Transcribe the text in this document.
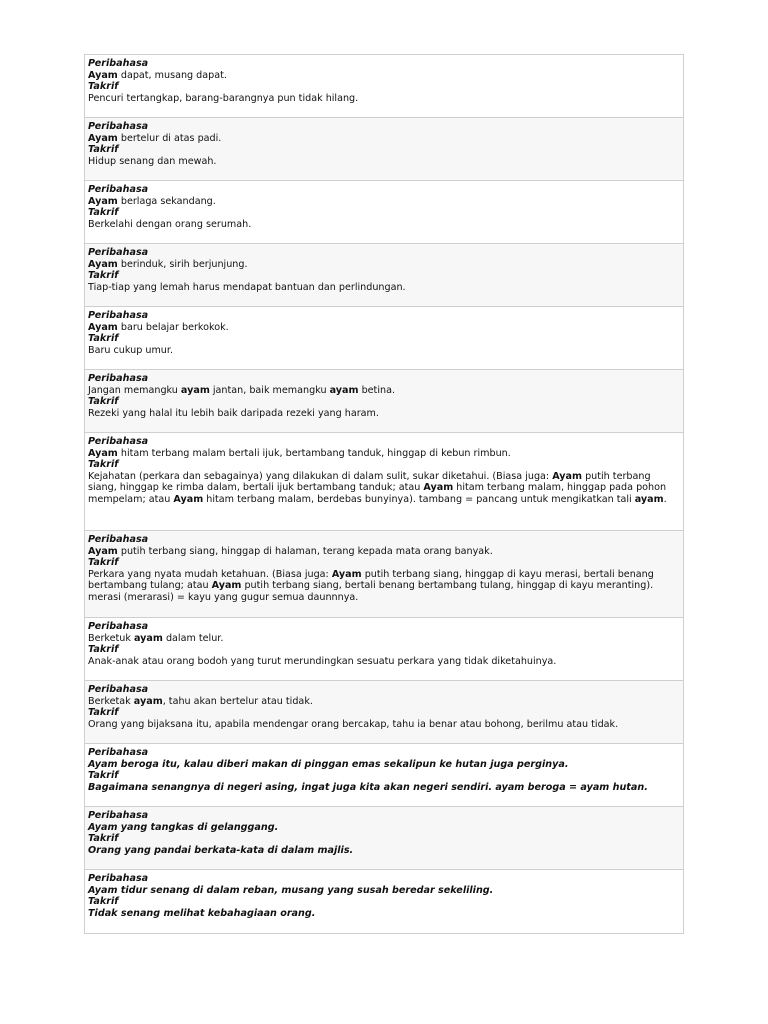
Peribahasa
Ayam dapat, musang dapat.
Takrif
Pencuri tertangkap, barang-barangnya pun tidak hilang.
Peribahasa
Ayam bertelur di atas padi.
Takrif
Hidup senang dan mewah.
Peribahasa
Ayam berlaga sekandang.
Takrif
Berkelahi dengan orang serumah.
Peribahasa
Ayam berinduk, sirih berjunjung.
Takrif
Tiap-tiap yang lemah harus mendapat bantuan dan perlindungan.
Peribahasa
Ayam baru belajar berkokok.
Takrif
Baru cukup umur.
Peribahasa
Jangan memangku ayam jantan, baik memangku ayam betina.
Takrif
Rezeki yang halal itu lebih baik daripada rezeki yang haram.
Peribahasa
Ayam hitam terbang malam bertali ijuk, bertambang tanduk, hinggap di kebun rimbun.
Takrif
Kejahatan (perkara dan sebagainya) yang dilakukan di dalam sulit, sukar diketahui. (Biasa juga: Ayam putih terbang siang, hinggap ke rimba dalam, bertali ijuk bertambang tanduk; atau Ayam hitam terbang malam, hinggap pada pohon mempelam; atau Ayam hitam terbang malam, berdebas bunyinya). tambang = pancang untuk mengikatkan tali ayam.
Peribahasa
Ayam putih terbang siang, hinggap di halaman, terang kepada mata orang banyak.
Takrif
Perkara yang nyata mudah ketahuan. (Biasa juga: Ayam putih terbang siang, hinggap di kayu merasi, bertali benang bertambang tulang; atau Ayam putih terbang siang, bertali benang bertambang tulang, hinggap di kayu meranting). merasi (merarasi) = kayu yang gugur semua daunnnya.
Peribahasa
Berketuk ayam dalam telur.
Takrif
Anak-anak atau orang bodoh yang turut merundingkan sesuatu perkara yang tidak diketahuinya.
Peribahasa
Berketak ayam, tahu akan bertelur atau tidak.
Takrif
Orang yang bijaksana itu, apabila mendengar orang bercakap, tahu ia benar atau bohong, berilmu atau tidak.
Peribahasa
Ayam beroga itu, kalau diberi makan di pinggan emas sekalipun ke hutan juga perginya.
Takrif
Bagaimana senangnya di negeri asing, ingat juga kita akan negeri sendiri. ayam beroga = ayam hutan.
Peribahasa
Ayam yang tangkas di gelanggang.
Takrif
Orang yang pandai berkata-kata di dalam majlis.
Peribahasa
Ayam tidur senang di dalam reban, musang yang susah beredar sekeliling.
Takrif
Tidak senang melihat kebahagiaan orang.
